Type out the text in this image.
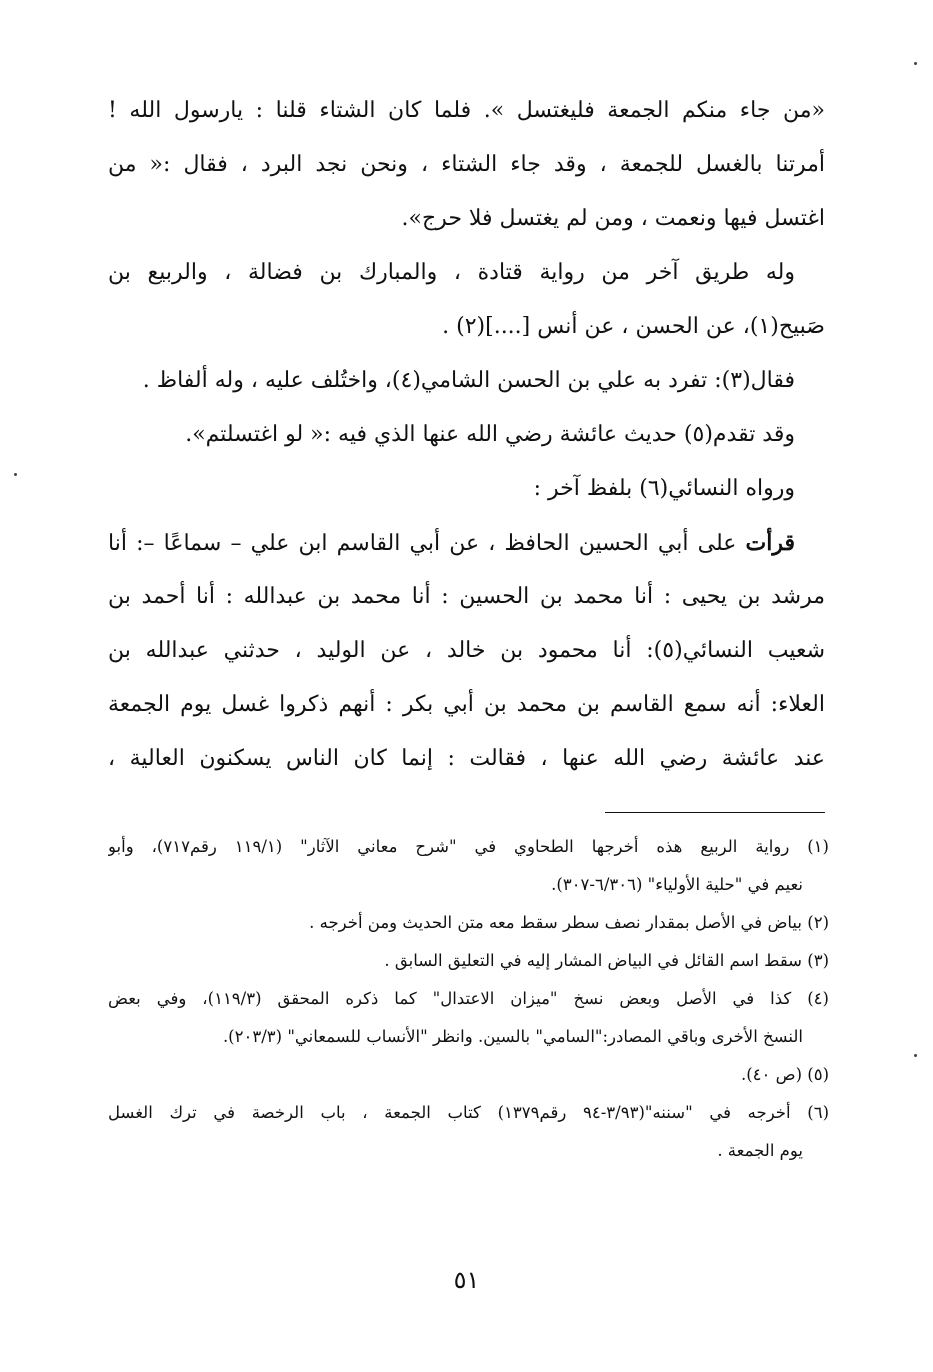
«من جاء منكم الجمعة فليغتسل ». فلما كان الشتاء قلنا : يارسول الله !
أمرتنا بالغسل للجمعة ، وقد جاء الشتاء ، ونحن نجد البرد ، فقال :« من
اغتسل فيها ونعمت ، ومن لم يغتسل فلا حرج».
وله طريق آخر من رواية قتادة ، والمبارك بن فضالة ، والربيع بن
صَبيح(١)، عن الحسن ، عن أنس [....](٢) .
فقال(٣): تفرد به علي بن الحسن الشامي(٤)، واختُلف عليه ، وله ألفاظ .
وقد تقدم(٥) حديث عائشة رضي الله عنها الذي فيه :« لو اغتسلتم».
ورواه النسائي(٦) بلفظ آخر :
قرأت على أبي الحسين الحافظ ، عن أبي القاسم ابن علي – سماعًا –: أنا
مرشد بن يحيى : أنا محمد بن الحسين : أنا محمد بن عبدالله : أنا أحمد بن
شعيب النسائي(٥): أنا محمود بن خالد ، عن الوليد ، حدثني عبدالله بن
العلاء: أنه سمع القاسم بن محمد بن أبي بكر : أنهم ذكروا غسل يوم الجمعة
عند عائشة رضي الله عنها ، فقالت : إنما كان الناس يسكنون العالية ،
(١) رواية الربيع هذه أخرجها الطحاوي في "شرح معاني الآثار" (١١٩/١ رقم٧١٧)، وأبو
نعيم في "حلية الأولياء" (٦/٣٠٦-٣٠٧).
(٢) بياض في الأصل بمقدار نصف سطر سقط معه متن الحديث ومن أخرجه .
(٣) سقط اسم القائل في البياض المشار إليه في التعليق السابق .
(٤) كذا في الأصل وبعض نسخ "ميزان الاعتدال" كما ذكره المحقق (١١٩/٣)، وفي بعض
النسخ الأخرى وباقي المصادر:"السامي" بالسين. وانظر "الأنساب للسمعاني" (٢٠٣/٣).
(٥) (ص ٤٠).
(٦) أخرجه في "سننه"(٣/٩٣-٩٤ رقم١٣٧٩) كتاب الجمعة ، باب الرخصة في ترك الغسل
يوم الجمعة .
٥١
